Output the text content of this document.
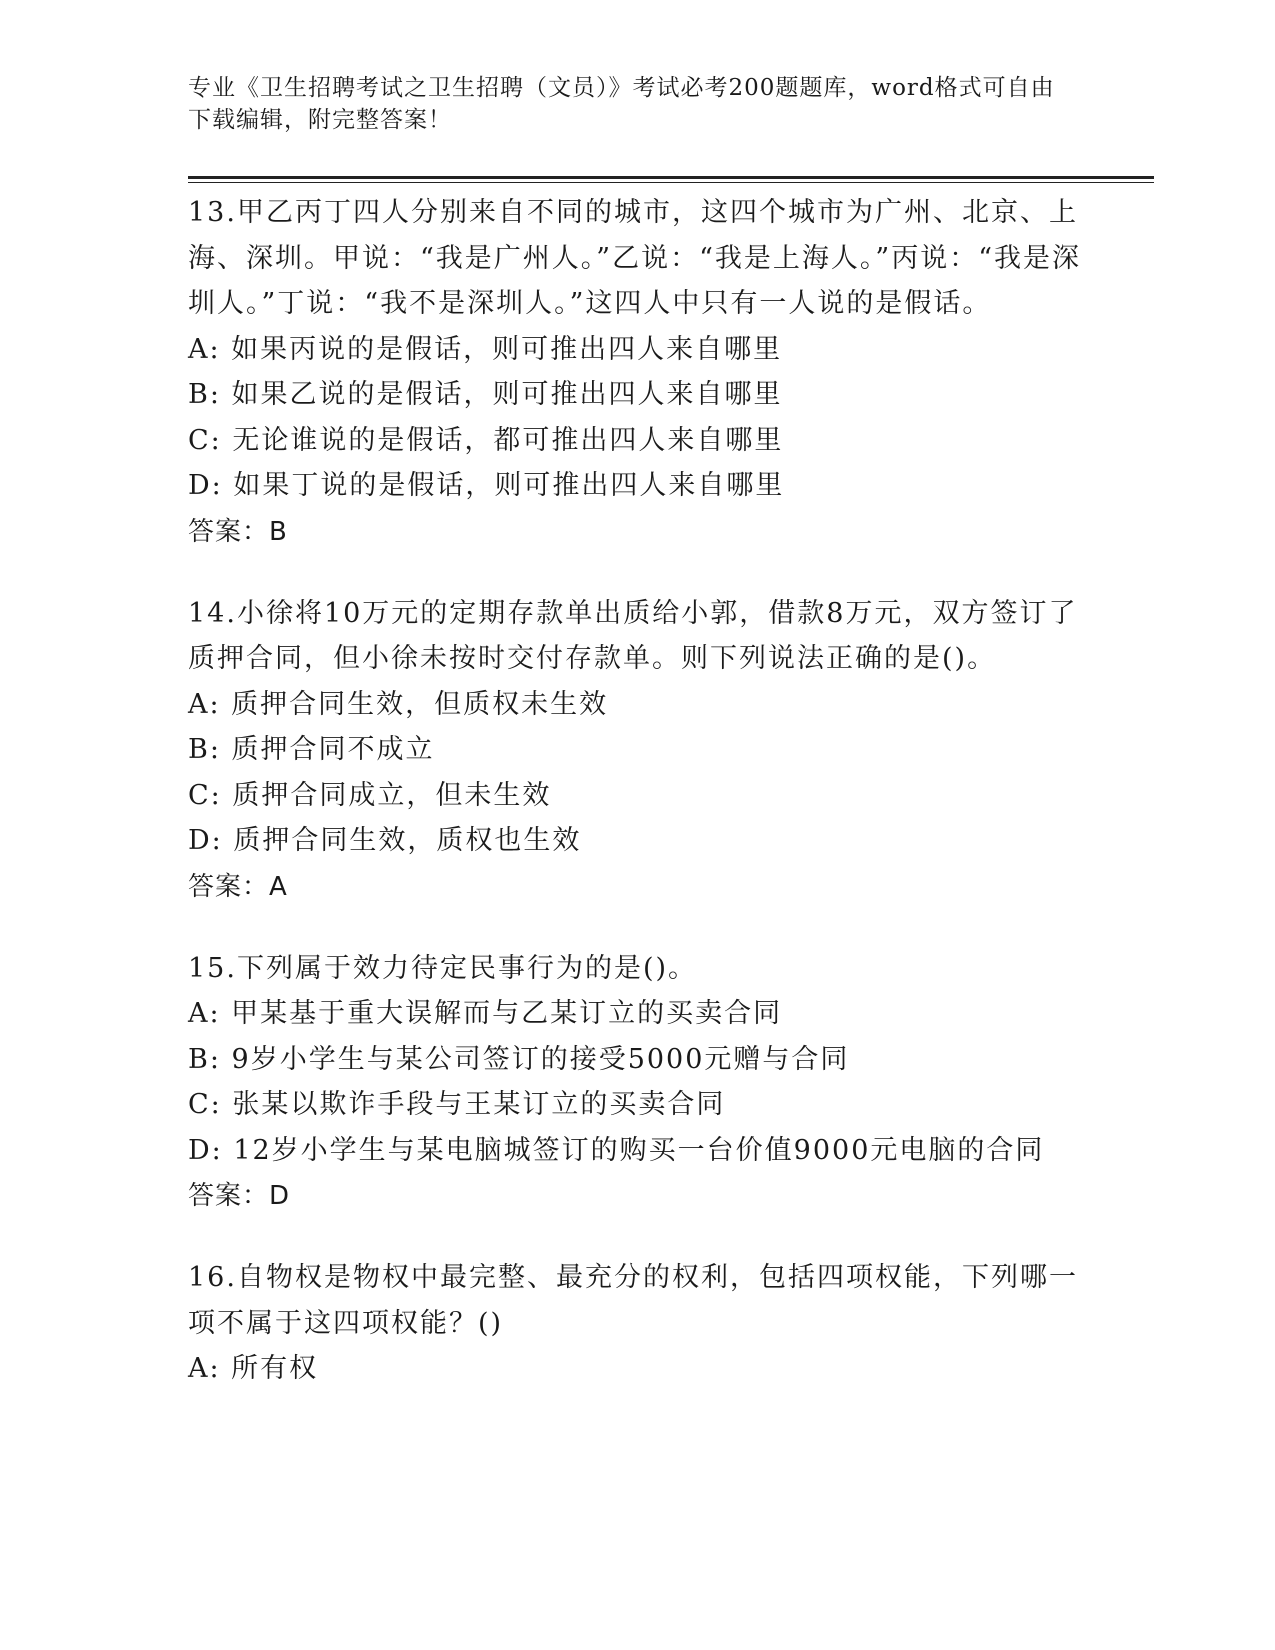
专业《卫生招聘考试之卫生招聘（文员）》考试必考200题题库，word格式可自由下载编辑，附完整答案！
13.甲乙丙丁四人分别来自不同的城市，这四个城市为广州、北京、上海、深圳。甲说：“我是广州人。”乙说：“我是上海人。”丙说：“我是深圳人。”丁说：“我不是深圳人。”这四人中只有一人说的是假话。
A: 如果丙说的是假话，则可推出四人来自哪里
B: 如果乙说的是假话，则可推出四人来自哪里
C: 无论谁说的是假话，都可推出四人来自哪里
D: 如果丁说的是假话，则可推出四人来自哪里
答案：B
14.小徐将10万元的定期存款单出质给小郭，借款8万元，双方签订了质押合同，但小徐未按时交付存款单。则下列说法正确的是()。
A: 质押合同生效，但质权未生效
B: 质押合同不成立
C: 质押合同成立，但未生效
D: 质押合同生效，质权也生效
答案：A
15.下列属于效力待定民事行为的是()。
A: 甲某基于重大误解而与乙某订立的买卖合同
B: 9岁小学生与某公司签订的接受5000元赠与合同
C: 张某以欺诈手段与王某订立的买卖合同
D: 12岁小学生与某电脑城签订的购买一台价值9000元电脑的合同
答案：D
16.自物权是物权中最完整、最充分的权利，包括四项权能，下列哪一项不属于这四项权能？()
A: 所有权
